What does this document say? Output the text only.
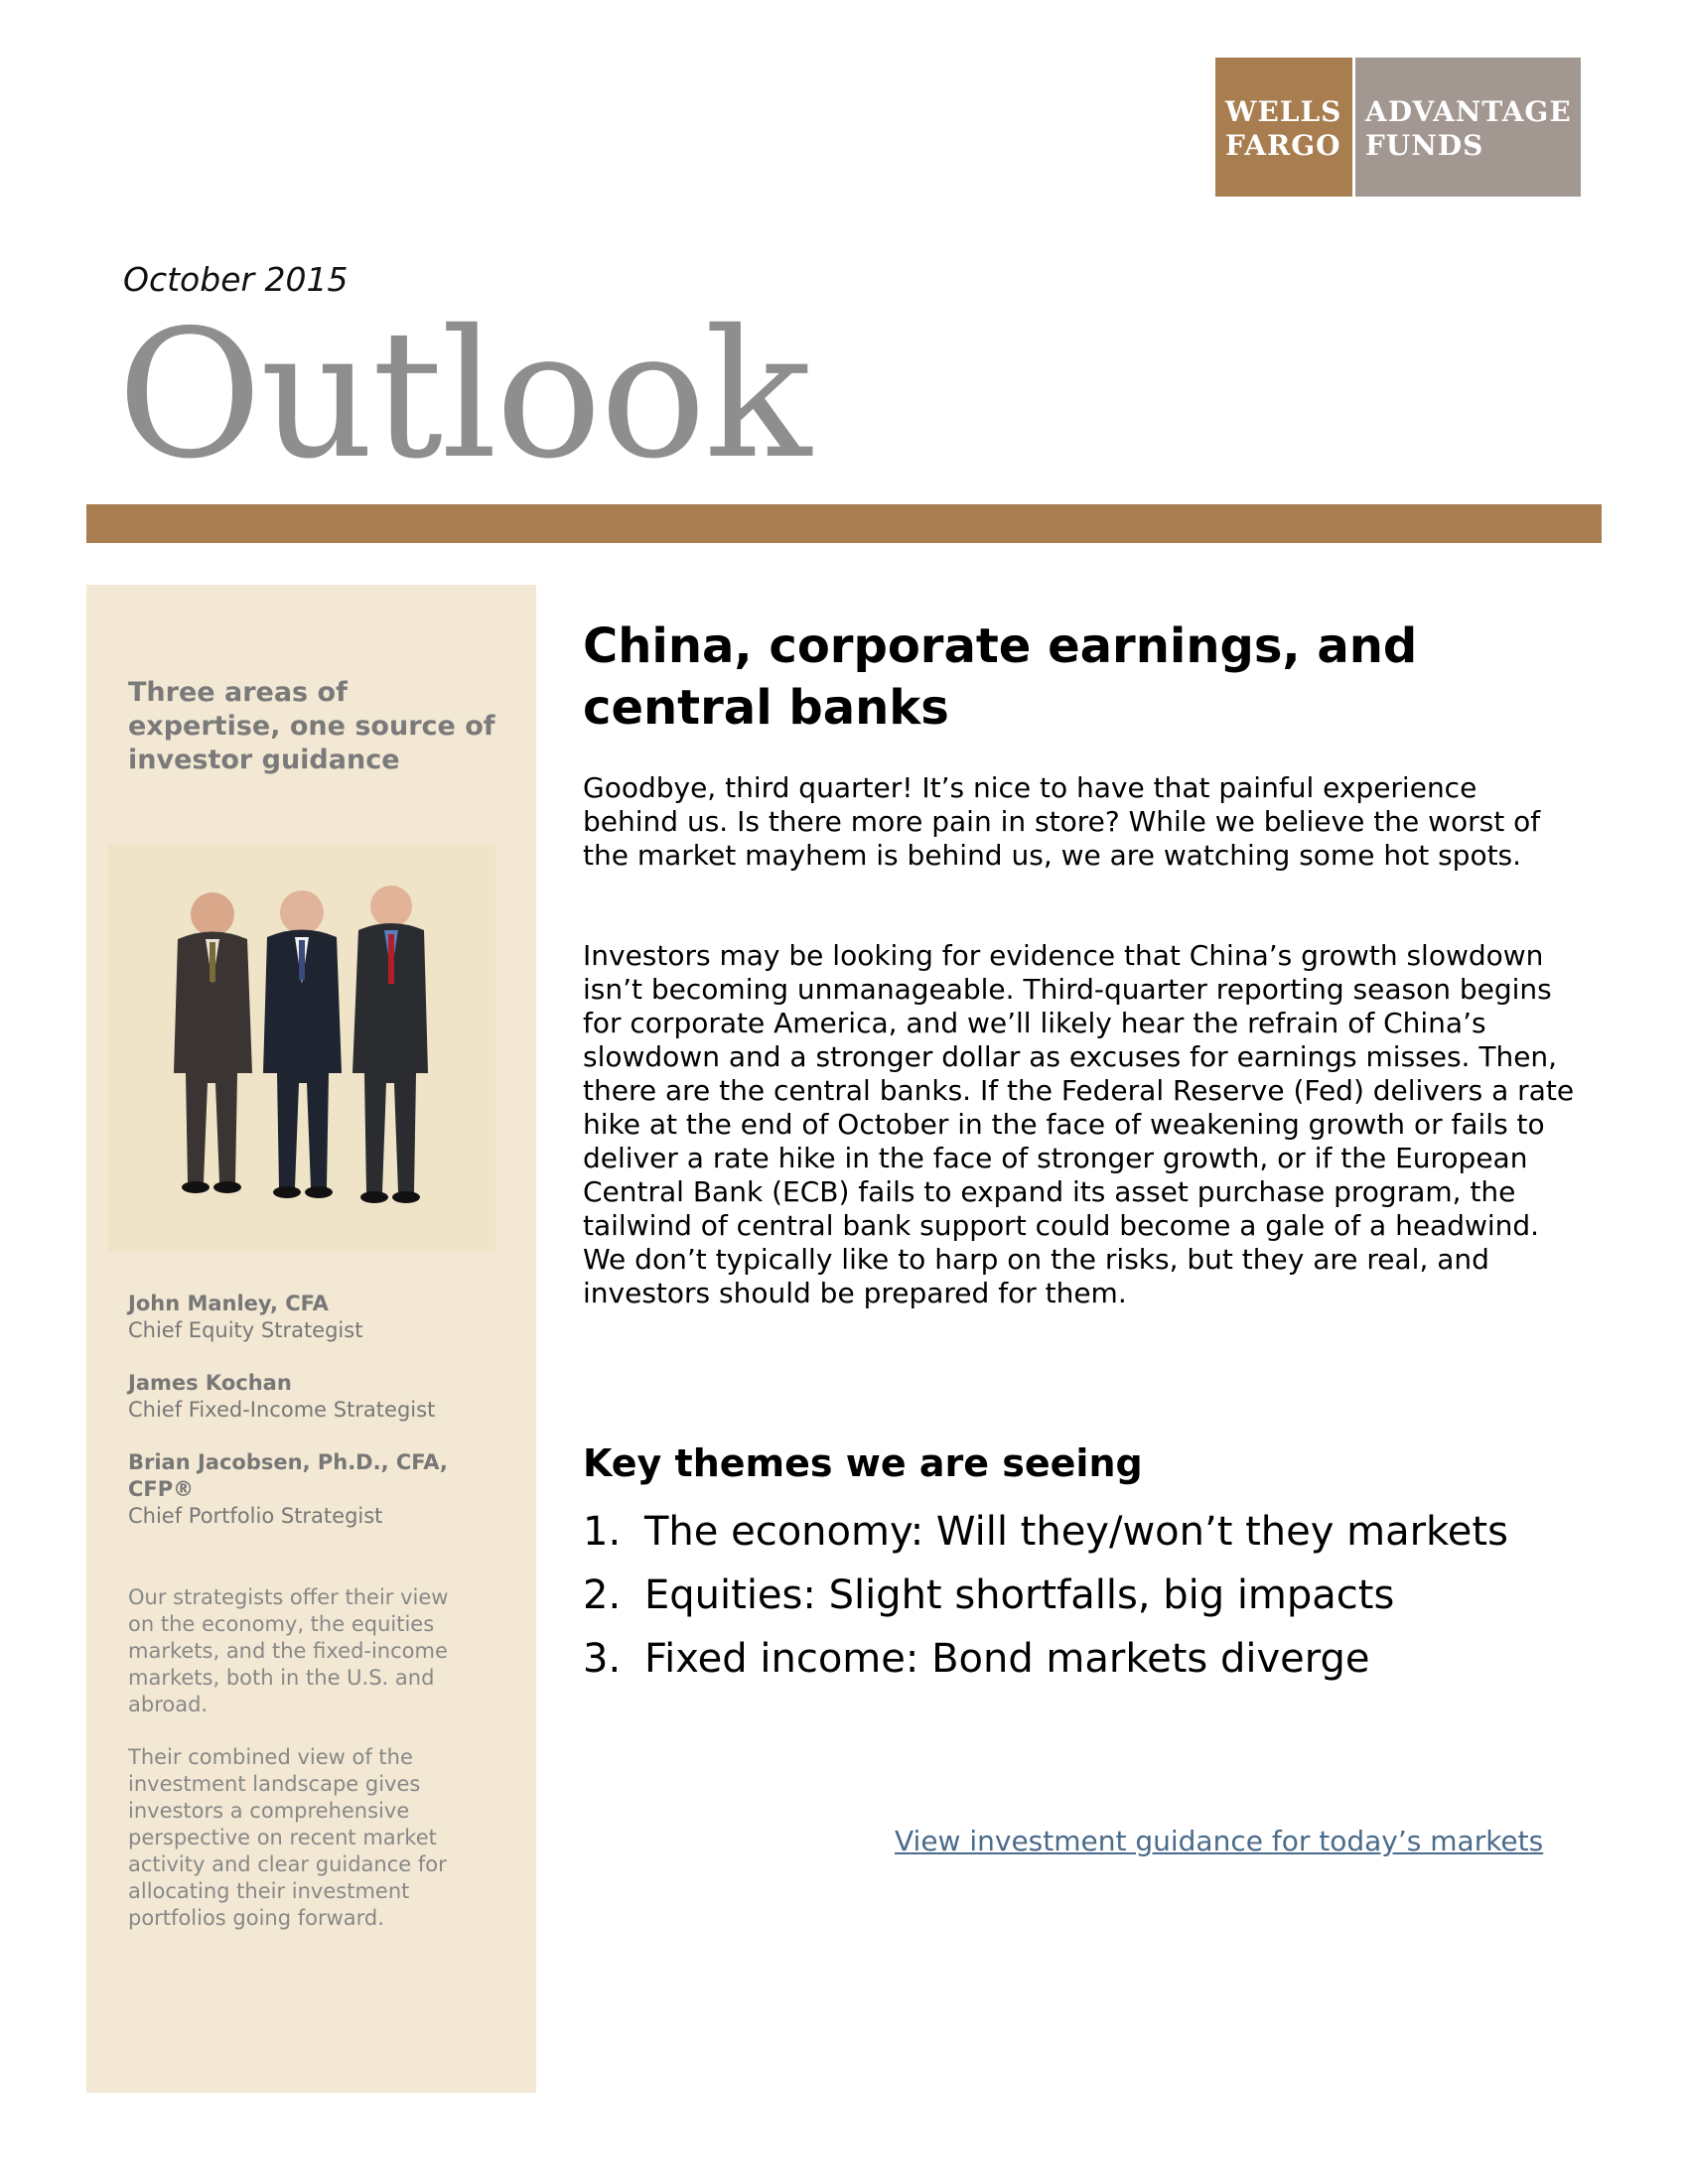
WELLS
FARGO
ADVANTAGE
FUNDS
October 2015
Outlook
Three areas of expertise, one source of investor guidance
John Manley, CFA
Chief Equity Strategist
James Kochan
Chief Fixed-Income Strategist
Brian Jacobsen, Ph.D., CFA, CFP®
Chief Portfolio Strategist
Our strategists offer their view on the economy, the equities markets, and the fixed-income markets, both in the U.S. and abroad.
Their combined view of the investment landscape gives investors a comprehensive perspective on recent market activity and clear guidance for allocating their investment portfolios going forward.
China, corporate earnings, and central banks
Goodbye, third quarter! It’s nice to have that painful experience behind us. Is there more pain in store? While we believe the worst of the market mayhem is behind us, we are watching some hot spots.
Investors may be looking for evidence that China’s growth slowdown isn’t becoming unmanageable. Third-quarter reporting season begins for corporate America, and we’ll likely hear the refrain of China’s slowdown and a stronger dollar as excuses for earnings misses. Then, there are the central banks. If the Federal Reserve (Fed) delivers a rate hike at the end of October in the face of weakening growth or fails to deliver a rate hike in the face of stronger growth, or if the European Central Bank (ECB) fails to expand its asset purchase program, the tailwind of central bank support could become a gale of a headwind. We don’t typically like to harp on the risks, but they are real, and investors should be prepared for them.
Key themes we are seeing
1. The economy: Will they/won’t they markets
2. Equities: Slight shortfalls, big impacts
3. Fixed income: Bond markets diverge
View investment guidance for today’s markets
